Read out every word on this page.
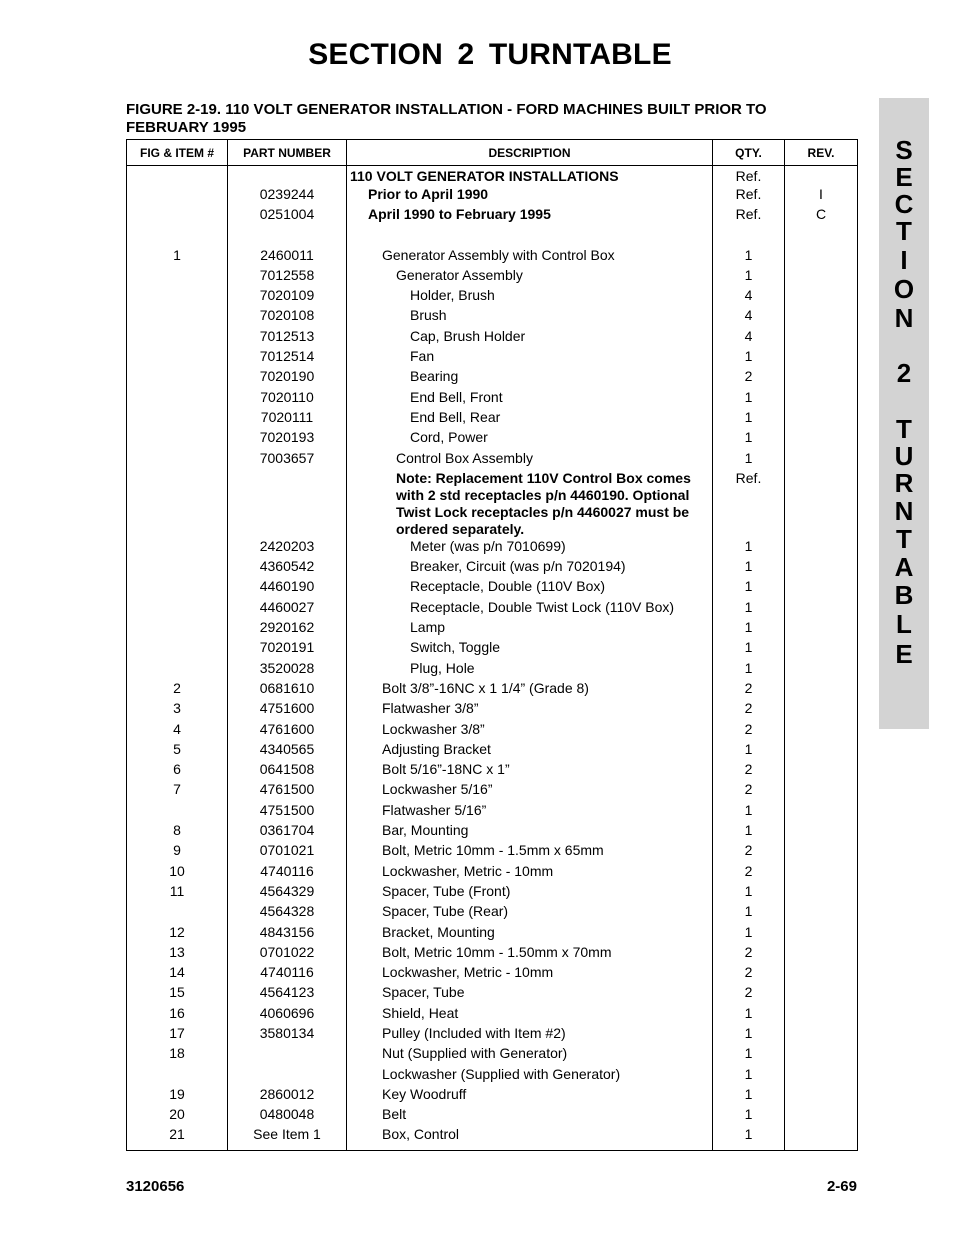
SECTION 2 TURNTABLE
FIGURE 2-19. 110 VOLT GENERATOR INSTALLATION - FORD MACHINES BUILT PRIOR TO FEBRUARY 1995
S
E
C
T
I
O
N
2
T
U
R
N
T
A
B
L
E
FIG & ITEM #	PART NUMBER	DESCRIPTION	QTY.	REV.
		110 VOLT GENERATOR INSTALLATIONS	Ref.	
	0239244	Prior to April 1990	Ref.	I
	0251004	April 1990 to February 1995	Ref.	C

1	2460011	Generator Assembly with Control Box	1	
	7012558	Generator Assembly	1	
	7020109	Holder, Brush	4	
	7020108	Brush	4	
	7012513	Cap, Brush Holder	4	
	7012514	Fan	1	
	7020190	Bearing	2	
	7020110	End Bell, Front	1	
	7020111	End Bell, Rear	1	
	7020193	Cord, Power	1	
	7003657	Control Box Assembly	1	

		Note: Replacement 110V Control Box comes with 2 std receptacles p/n 4460190. Optional Twist Lock receptacles p/n 4460027 must be ordered separately.	Ref.	
	2420203	Meter (was p/n 7010699)	1	
	4360542	Breaker, Circuit (was p/n 7020194)	1	
	4460190	Receptacle, Double (110V Box)	1	
	4460027	Receptacle, Double Twist Lock (110V Box)	1	
	2920162	Lamp	1	
	7020191	Switch, Toggle	1	
	3520028	Plug, Hole	1	
2	0681610	Bolt 3/8”-16NC x 1 1/4” (Grade 8)	2	
3	4751600	Flatwasher 3/8”	2	
4	4761600	Lockwasher 3/8”	2	
5	4340565	Adjusting Bracket	1	
6	0641508	Bolt 5/16”-18NC x 1”	2	
7	4761500	Lockwasher 5/16”	2	
	4751500	Flatwasher 5/16”	1	
8	0361704	Bar, Mounting	1	
9	0701021	Bolt, Metric 10mm - 1.5mm x 65mm	2	
10	4740116	Lockwasher, Metric - 10mm	2	
11	4564329	Spacer, Tube (Front)	1	
	4564328	Spacer, Tube (Rear)	1	
12	4843156	Bracket, Mounting	1	
13	0701022	Bolt, Metric 10mm - 1.50mm x 70mm	2	
14	4740116	Lockwasher, Metric - 10mm	2	
15	4564123	Spacer, Tube	2	
16	4060696	Shield, Heat	1	
17	3580134	Pulley (Included with Item #2)	1	
18		Nut (Supplied with Generator)	1	
		Lockwasher (Supplied with Generator)	1	
19	2860012	Key Woodruff	1	
20	0480048	Belt	1	
21	See Item 1	Box, Control	1	
3120656	2-69
